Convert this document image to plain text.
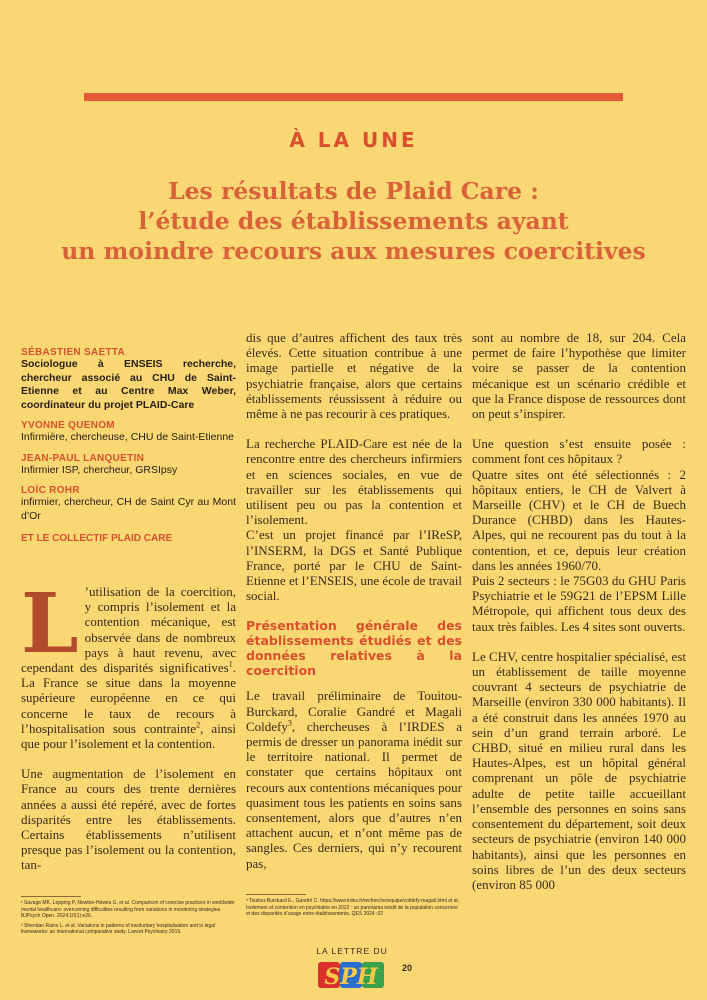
À LA UNE
Les résultats de Plaid Care :
l’étude des établissements ayant
un moindre recours aux mesures coercitives
SÉBASTIEN SAETTA
Sociologue à ENSEIS recherche, chercheur associé au CHU de Saint-Etienne et au Centre Max Weber, coordinateur du projet PLAID-Care
YVONNE QUENOM
Infirmière, chercheuse, CHU de Saint-Etienne
JEAN-PAUL LANQUETIN
Infirmier ISP, chercheur, GRSIpsy
LOÏC ROHR
infirmier, chercheur, CH de Saint Cyr au Mont d’Or
ET LE COLLECTIF PLAID CARE

L ’utilisation de la coercition, y compris l’isolement et la contention mécanique, est observée dans de nombreux pays à haut revenu, avec cependant des disparités significatives$^1$. La France se situe dans la moyenne supérieure européenne en ce qui concerne le taux de recours à l’hospitalisation sous contrainte$^2$, ainsi que pour l’isolement et la contention.

Une augmentation de l’isolement en France au cours des trente dernières années a aussi été repéré, avec de fortes disparités entre les établissements. Certains établissements n’utilisent presque pas l’isolement ou la contention, tan-

dis que d’autres affichent des taux très élevés. Cette situation contribue à une image partielle et négative de la psychiatrie française, alors que certains établissements réussissent à réduire ou même à ne pas recourir à ces pratiques.

La recherche PLAID-Care est née de la rencontre entre des chercheurs infirmiers et en sciences sociales, en vue de travailler sur les établissements qui utilisent peu ou pas la contention et l’isolement.

C’est un projet financé par l’IReSP, l’INSERM, la DGS et Santé Publique France, porté par le CHU de Saint-Etienne et l’ENSEIS, une école de travail social.

Présentation générale des établissements étudiés et des données relatives à la coercition

Le travail préliminaire de Touitou-Burckard, Coralie Gandré et Magali Coldefy$^3$, chercheuses à l’IRDES a permis de dresser un panorama inédit sur le territoire national. Il permet de constater que certains hôpitaux ont recours aux contentions mécaniques pour quasiment tous les patients en soins sans consentement, alors que d’autres n’en attachent aucun, et n’ont même pas de sangles. Ces derniers, qui n’y recourent pas,

sont au nombre de 18, sur 204. Cela permet de faire l’hypothèse que limiter voire se passer de la contention mécanique est un scénario crédible et que la France dispose de ressources dont on peut s’inspirer.

Une question s’est ensuite posée : comment font ces hôpitaux ?

Quatre sites ont été sélectionnés : 2 hôpitaux entiers, le CH de Valvert à Marseille (CHV) et le CH de Buech Durance (CHBD) dans les Hautes-Alpes, qui ne recourent pas du tout à la contention, et ce, depuis leur création dans les années 1960/70.

Puis 2 secteurs : le 75G03 du GHU Paris Psychiatrie et le 59G21 de l’EPSM Lille Métropole, qui affichent tous deux des taux très faibles. Les 4 sites sont ouverts.

Le CHV, centre hospitalier spécialisé, est un établissement de taille moyenne couvrant 4 secteurs de psychiatrie de Marseille (environ 330 000 habitants). Il a été construit dans les années 1970 au sein d’un grand terrain arboré. Le CHBD, situé en milieu rural dans les Hautes-Alpes, est un hôpital général comprenant un pôle de psychiatrie adulte de petite taille accueillant l’ensemble des personnes en soins sans consentement du département, soit deux secteurs de psychiatrie (environ 140 000 habitants), ainsi que les personnes en soins libres de l’un des deux secteurs (environ 85 000

¹ Savage MK, Lepping P, Newton-Howes G, et al. Comparison of coercive practices in worldwide mental healthcare: overcoming difficulties resulting from variations in monitoring strategies. BJPsych Open. 2024;10(1):e26.
² Sheridan Rains L. et al. Variations in patterns of involuntary hospitalisation and in legal frameworks: an international comparative study. Lancet Psychiatry 2019.
³ Touitou-Burckard E., Gandré C. https://www.irdes.fr/recherche/equipe/coldefy-magali.html et al. Isolement et contention en psychiatrie en 2022 : un panorama inédit de la population concernée et des disparités d’usage entre établissements. QES 2024 ;02
LA LETTRE DU
SPH	20
